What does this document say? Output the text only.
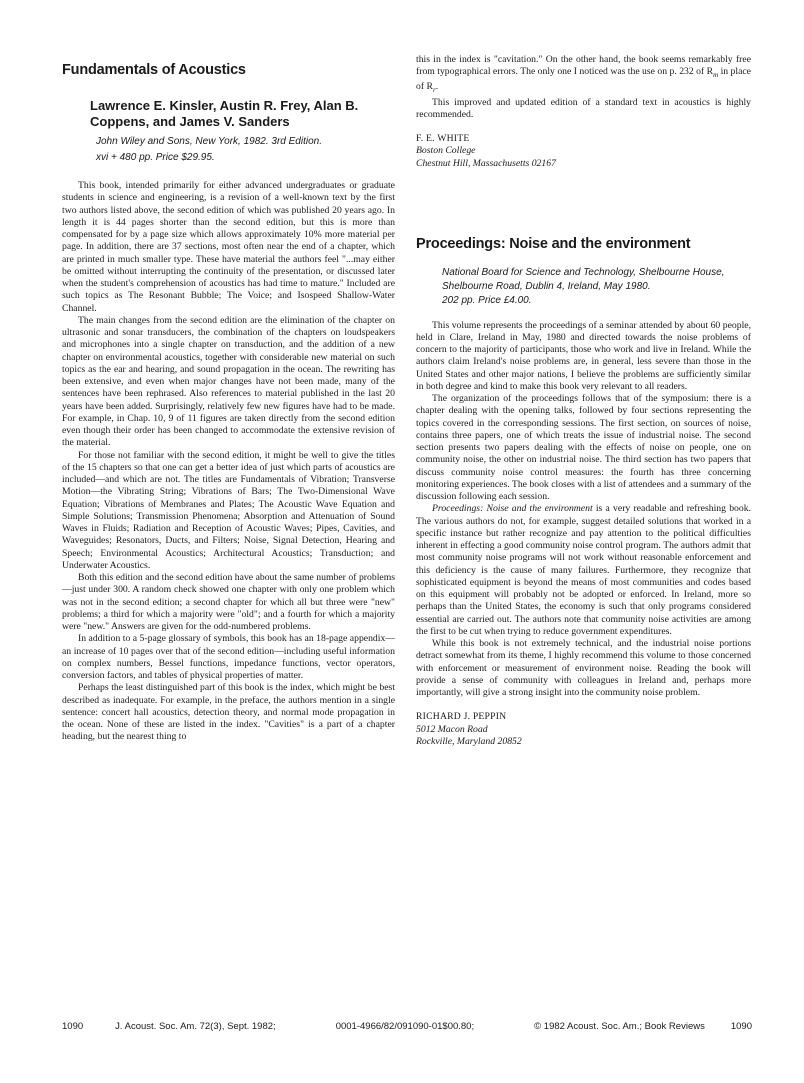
Fundamentals of Acoustics
Lawrence E. Kinsler, Austin R. Frey, Alan B.
Coppens, and James V. Sanders
John Wiley and Sons, New York, 1982. 3rd Edition.
xvi + 480 pp. Price $29.95.

This book, intended primarily for either advanced undergraduates or graduate students in science and engineering, is a revision of a well-known text by the first two authors listed above, the second edition of which was published 20 years ago. In length it is 44 pages shorter than the second edition, but this is more than compensated for by a page size which allows approximately 10% more material per page. In addition, there are 37 sections, most often near the end of a chapter, which are printed in much smaller type. These have material the authors feel "...may either be omitted without interrupting the continuity of the presentation, or discussed later when the student's comprehension of acoustics has had time to mature." Included are such topics as The Resonant Bubble; The Voice; and Isospeed Shallow-Water Channel.

The main changes from the second edition are the elimination of the chapter on ultrasonic and sonar transducers, the combination of the chapters on loudspeakers and microphones into a single chapter on transduction, and the addition of a new chapter on environmental acoustics, together with considerable new material on such topics as the ear and hearing, and sound propagation in the ocean. The rewriting has been extensive, and even when major changes have not been made, many of the sentences have been rephrased. Also references to material published in the last 20 years have been added. Surprisingly, relatively few new figures have had to be made. For example, in Chap. 10, 9 of 11 figures are taken directly from the second edition even though their order has been changed to accommodate the extensive revision of the material.

For those not familiar with the second edition, it might be well to give the titles of the 15 chapters so that one can get a better idea of just which parts of acoustics are included—and which are not. The titles are Fundamentals of Vibration; Transverse Motion—the Vibrating String; Vibrations of Bars; The Two-Dimensional Wave Equation; Vibrations of Membranes and Plates; The Acoustic Wave Equation and Simple Solutions; Transmission Phenomena; Absorption and Attenuation of Sound Waves in Fluids; Radiation and Reception of Acoustic Waves; Pipes, Cavities, and Waveguides; Resonators, Ducts, and Filters; Noise, Signal Detection, Hearing and Speech; Environmental Acoustics; Architectural Acoustics; Transduction; and Underwater Acoustics.

Both this edition and the second edition have about the same number of problems—just under 300. A random check showed one chapter with only one problem which was not in the second edition; a second chapter for which all but three were "new" problems; a third for which a majority were "old"; and a fourth for which a majority were "new." Answers are given for the odd-numbered problems.

In addition to a 5-page glossary of symbols, this book has an 18-page appendix—an increase of 10 pages over that of the second edition—including useful information on complex numbers, Bessel functions, impedance functions, vector operators, conversion factors, and tables of physical properties of matter.

Perhaps the least distinguished part of this book is the index, which might be best described as inadequate. For example, in the preface, the authors mention in a single sentence: concert hall acoustics, detection theory, and normal mode propagation in the ocean. None of these are listed in the index. "Cavities" is a part of a chapter heading, but the nearest thing to

this in the index is "cavitation." On the other hand, the book seems remarkably free from typographical errors. The only one I noticed was the use on p. 232 of $R_m$ in place of $R_r$.

This improved and updated edition of a standard text in acoustics is highly recommended.

F. E. WHITE
Boston College
Chestnut Hill, Massachusetts 02167
Proceedings: Noise and the environment
National Board for Science and Technology, Shelbourne House,
Shelbourne Road, Dublin 4, Ireland, May 1980.
202 pp. Price £4.00.

This volume represents the proceedings of a seminar attended by about 60 people, held in Clare, Ireland in May, 1980 and directed towards the noise problems of concern to the majority of participants, those who work and live in Ireland. While the authors claim Ireland's noise problems are, in general, less severe than those in the United States and other major nations, I believe the problems are sufficiently similar in both degree and kind to make this book very relevant to all readers.

The organization of the proceedings follows that of the symposium: there is a chapter dealing with the opening talks, followed by four sections representing the topics covered in the corresponding sessions. The first section, on sources of noise, contains three papers, one of which treats the issue of industrial noise. The second section presents two papers dealing with the effects of noise on people, one on community noise, the other on industrial noise. The third section has two papers that discuss community noise control measures: the fourth has three concerning monitoring experiences. The book closes with a list of attendees and a summary of the discussion following each session.

Proceedings: Noise and the environment is a very readable and refreshing book. The various authors do not, for example, suggest detailed solutions that worked in a specific instance but rather recognize and pay attention to the political difficulties inherent in effecting a good community noise control program. The authors admit that most community noise programs will not work without reasonable enforcement and this deficiency is the cause of many failures. Furthermore, they recognize that sophisticated equipment is beyond the means of most communities and codes based on this equipment will probably not be adopted or enforced. In Ireland, more so perhaps than the United States, the economy is such that only programs considered essential are carried out. The authors note that community noise activities are among the first to be cut when trying to reduce government expenditures.

While this book is not extremely technical, and the industrial noise portions detract somewhat from its theme, I highly recommend this volume to those concerned with enforcement or measurement of environment noise. Reading the book will provide a sense of community with colleagues in Ireland and, perhaps more importantly, will give a strong insight into the community noise problem.

RICHARD J. PEPPIN
5012 Macon Road
Rockville, Maryland 20852
1090	J. Acoust. Soc. Am. 72(3), Sept. 1982;	0001-4966/82/091090-01$00.80;	© 1982 Acoust. Soc. Am.; Book Reviews	1090
